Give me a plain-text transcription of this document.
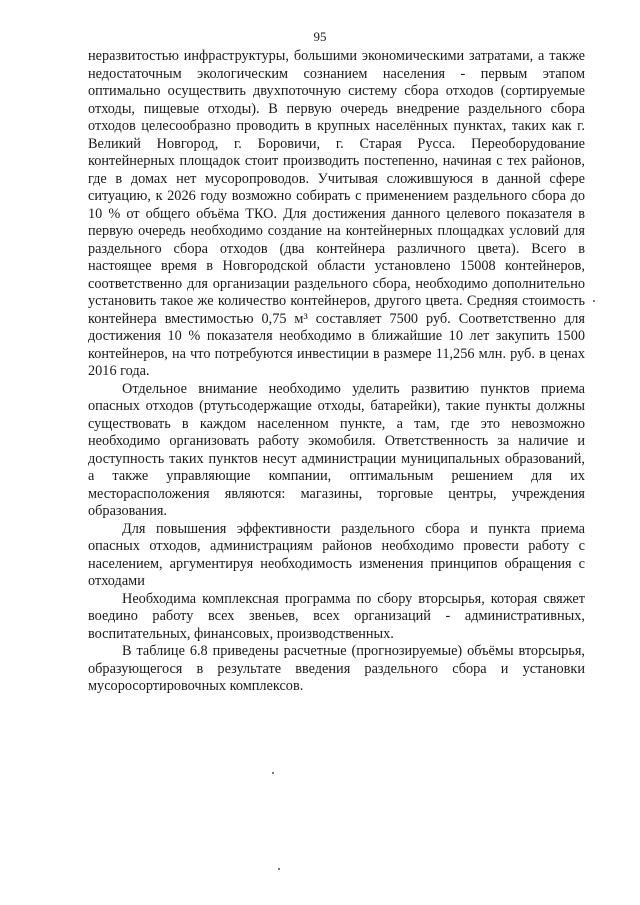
95

неразвитостью инфраструктуры, большими экономическими затратами, а также недостаточным экологическим сознанием населения - первым этапом оптимально осуществить двухпоточную систему сбора отходов (сортируемые отходы, пищевые отходы). В первую очередь внедрение раздельного сбора отходов целесообразно проводить в крупных населённых пунктах, таких как г. Великий Новгород, г. Боровичи, г. Старая Русса. Переоборудование контейнерных площадок стоит производить постепенно, начиная с тех районов, где в домах нет мусоропроводов. Учитывая сложившуюся в данной сфере ситуацию, к 2026 году возможно собирать с применением раздельного сбора до 10 % от общего объёма ТКО. Для достижения данного целевого показателя в первую очередь необходимо создание на контейнерных площадках условий для раздельного сбора отходов (два контейнера различного цвета). Всего в настоящее время в Новгородской области установлено 15008 контейнеров, соответственно для организации раздельного сбора, необходимо дополнительно установить такое же количество контейнеров, другого цвета. Средняя стоимость контейнера вместимостью 0,75 м³ составляет 7500 руб. Соответственно для достижения 10 % показателя необходимо в ближайшие 10 лет закупить 1500 контейнеров, на что потребуются инвестиции в размере 11,256 млн. руб. в ценах 2016 года.

Отдельное внимание необходимо уделить развитию пунктов приема опасных отходов (ртутьсодержащие отходы, батарейки), такие пункты должны существовать в каждом населенном пункте, а там, где это невозможно необходимо организовать работу экомобиля. Ответственность за наличие и доступность таких пунктов несут администрации муниципальных образований, а также управляющие компании, оптимальным решением для их месторасположения являются: магазины, торговые центры, учреждения образования.

Для повышения эффективности раздельного сбора и пункта приема опасных отходов, администрациям районов необходимо провести работу с населением, аргументируя необходимость изменения принципов обращения с отходами

Необходима комплексная программа по сбору вторсырья, которая свяжет воедино работу всех звеньев, всех организаций - административных, воспитательных, финансовых, производственных.

В таблице 6.8 приведены расчетные (прогнозируемые) объёмы вторсырья, образующегося в результате введения раздельного сбора и установки мусоросортировочных комплексов.
